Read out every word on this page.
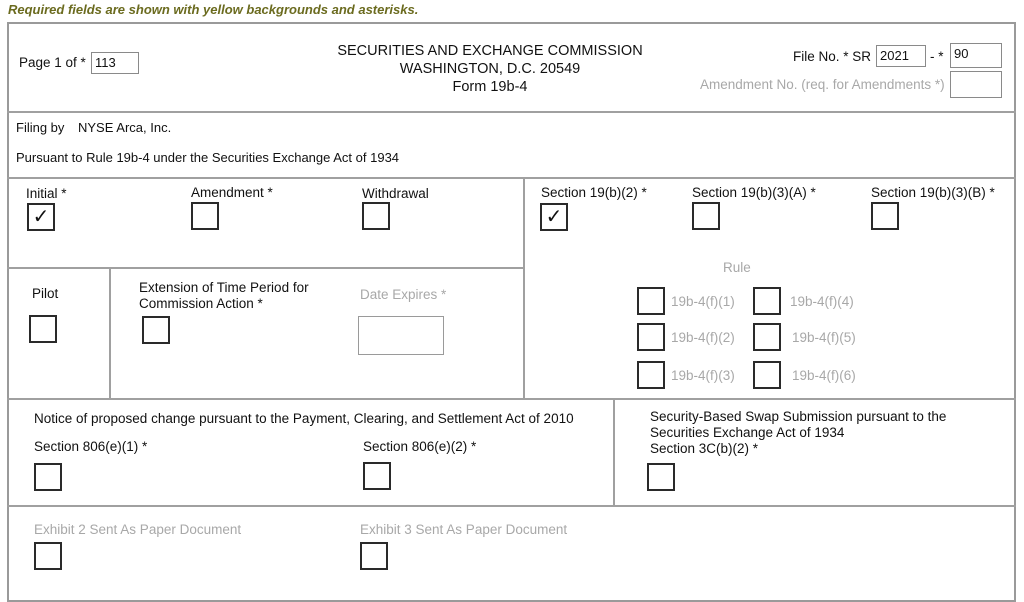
Required fields are shown with yellow backgrounds and asterisks.
Page 1 of * 113
SECURITIES AND EXCHANGE COMMISSION
WASHINGTON, D.C. 20549
Form 19b-4
File No. * SR 2021	- * 90
Amendment No. (req. for Amendments *)
Filing by NYSE Arca, Inc.
Pursuant to Rule 19b-4 under the Securities Exchange Act of 1934
Initial *
✓
Amendment *	Withdrawal
Pilot	Extension of Time Period for
Commission Action *
Date Expires *
Section 19(b)(2) *
✓
Section 19(b)(3)(A) *	Section 19(b)(3)(B) *
Rule
19b-4(f)(1)	19b-4(f)(4)
19b-4(f)(2)	19b-4(f)(5)
19b-4(f)(3)	19b-4(f)(6)
Notice of proposed change pursuant to the Payment, Clearing, and Settlement Act of 2010
Section 806(e)(1) *	Section 806(e)(2) *
Security-Based Swap Submission pursuant to the
Securities Exchange Act of 1934
Section 3C(b)(2) *
Exhibit 2 Sent As Paper Document	Exhibit 3 Sent As Paper Document
